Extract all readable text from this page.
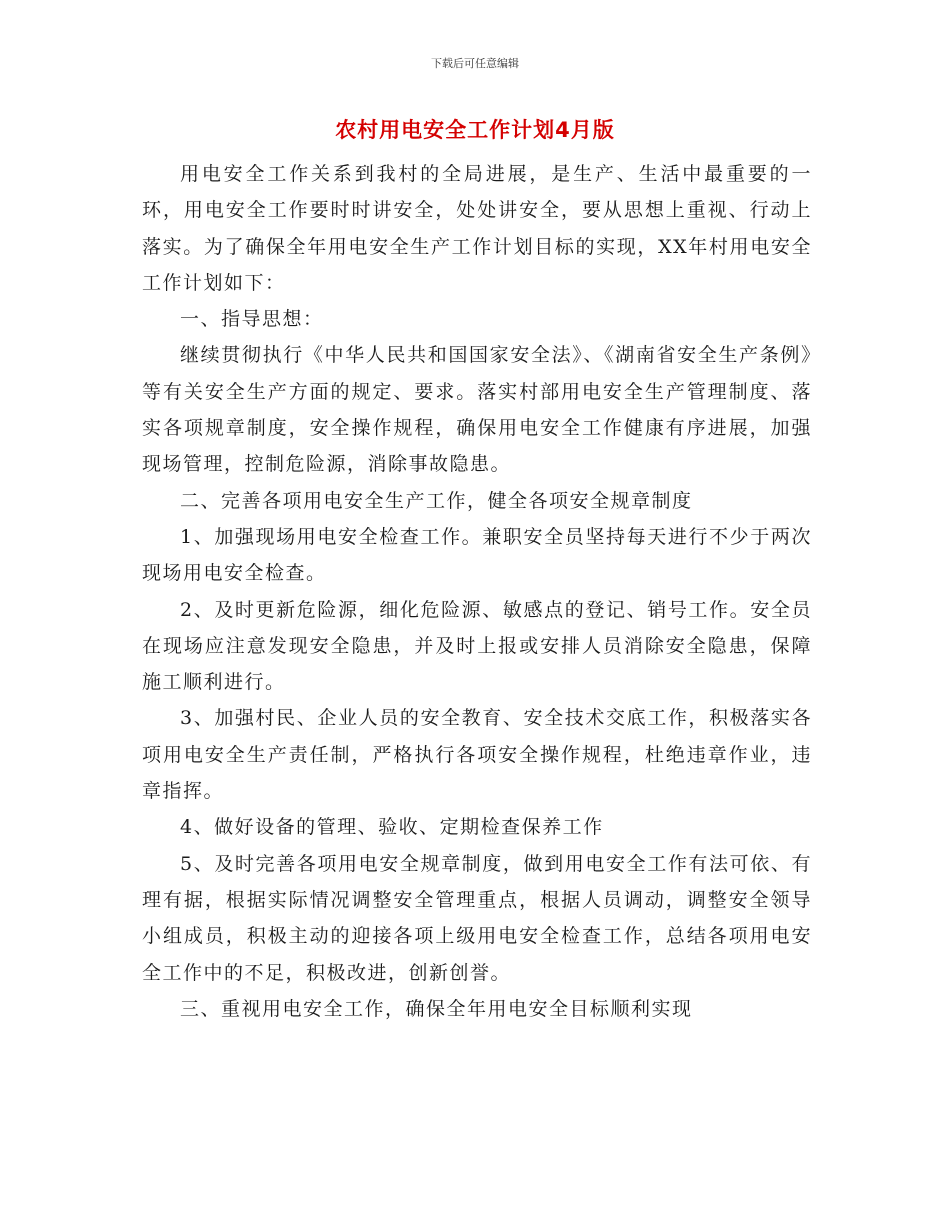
下载后可任意编辑
农村用电安全工作计划4月版

用电安全工作关系到我村的全局进展，是生产、生活中最重要的一环，用电安全工作要时时讲安全，处处讲安全，要从思想上重视、行动上落实。为了确保全年用电安全生产工作计划目标的实现，XX年村用电安全工作计划如下：

一、指导思想：

继续贯彻执行《中华人民共和国国家安全法》、《湖南省安全生产条例》等有关安全生产方面的规定、要求。落实村部用电安全生产管理制度、落实各项规章制度，安全操作规程，确保用电安全工作健康有序进展，加强现场管理，控制危险源，消除事故隐患。

二、完善各项用电安全生产工作，健全各项安全规章制度

1、加强现场用电安全检查工作。兼职安全员坚持每天进行不少于两次现场用电安全检查。

2、及时更新危险源，细化危险源、敏感点的登记、销号工作。安全员在现场应注意发现安全隐患，并及时上报或安排人员消除安全隐患，保障施工顺利进行。

3、加强村民、企业人员的安全教育、安全技术交底工作，积极落实各项用电安全生产责任制，严格执行各项安全操作规程，杜绝违章作业，违章指挥。

4、做好设备的管理、验收、定期检查保养工作

5、及时完善各项用电安全规章制度，做到用电安全工作有法可依、有理有据，根据实际情况调整安全管理重点，根据人员调动，调整安全领导小组成员，积极主动的迎接各项上级用电安全检查工作，总结各项用电安全工作中的不足，积极改进，创新创誉。

三、重视用电安全工作，确保全年用电安全目标顺利实现
